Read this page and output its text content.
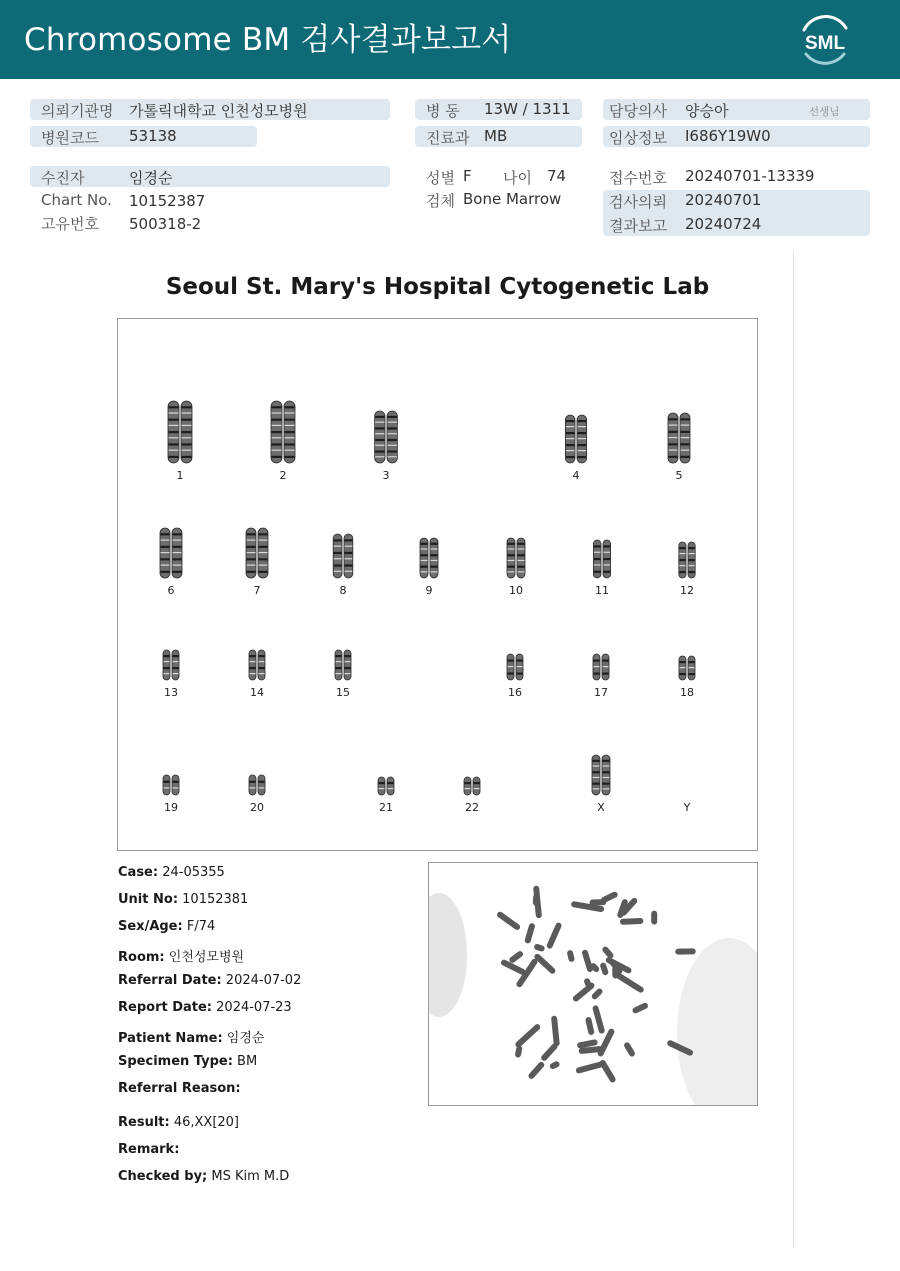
Chromosome BM 검사결과보고서	SML
의뢰기관명 가톨릭대학교 인천성모병원
병원코드 53138
병 동 13W / 1311
진료과 MB
담당의사 양승아	선생님
임상정보 I686Y19W0
수진자	임경순
Chart No. 10152387
고유번호 500318-2
성별 F 나이 74
검체 Bone Marrow
접수번호 20240701-13339
검사의뢰 20240701
결과보고 20240724
Seoul St. Mary's Hospital Cytogenetic Lab
1	2	3	4	5
6	7	8	9	10	11	12
13	14	15	16	17	18
19	20	21	22	X	Y
Case: 24-05355
Unit No: 10152381
Sex/Age: F/74
Room: 인천성모병원
Referral Date: 2024-07-02
Report Date: 2024-07-23
Patient Name: 임경순
Specimen Type: BM
Referral Reason:
Result: 46,XX[20]
Remark:
Checked by; MS Kim M.D
